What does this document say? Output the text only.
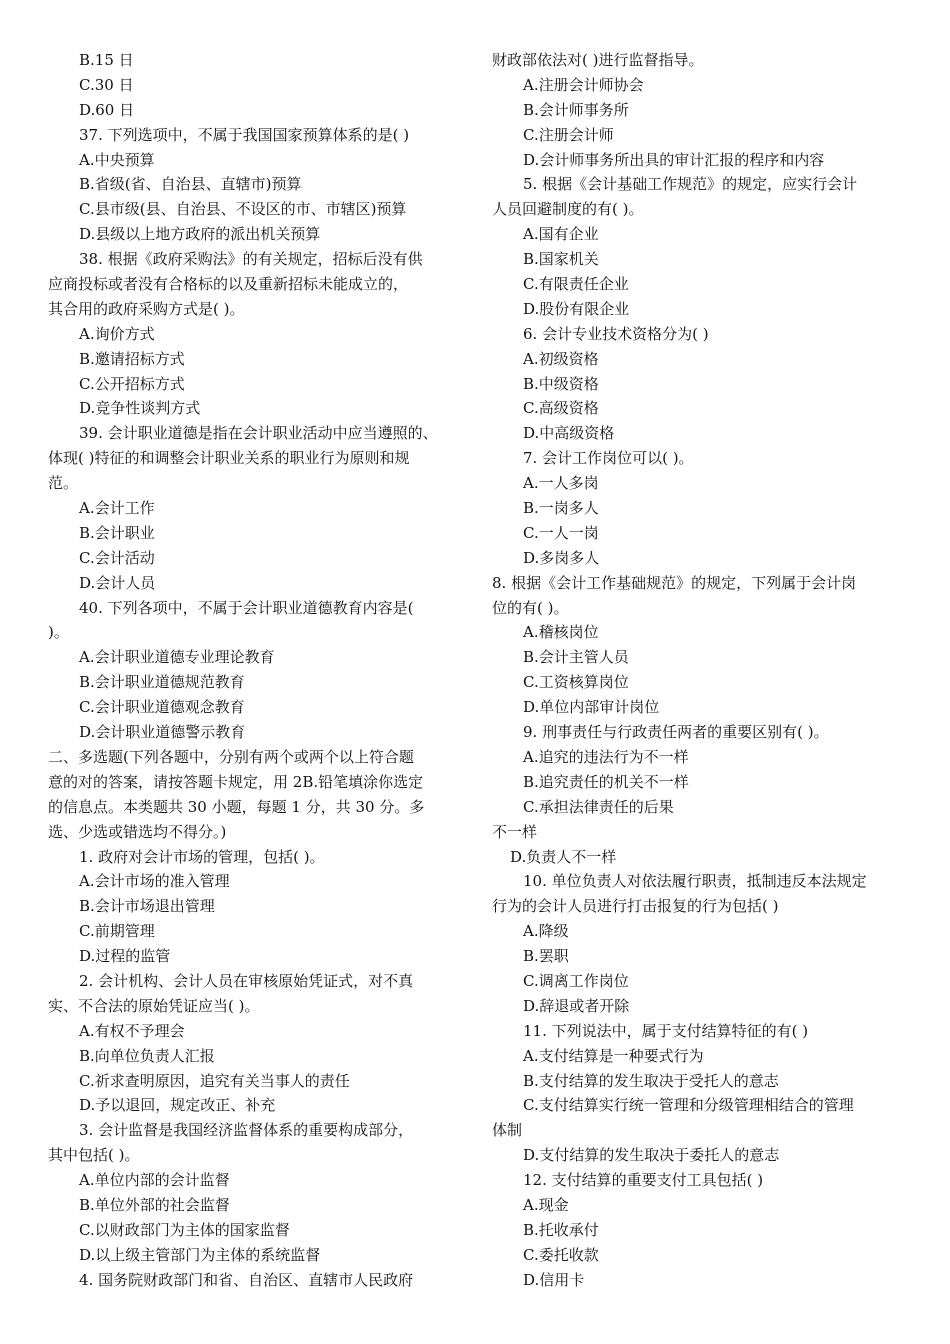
B.15 日
C.30 日
D.60 日
37. 下列选项中，不属于我国国家预算体系的是( )
A.中央预算
B.省级(省、自治县、直辖市)预算
C.县市级(县、自治县、不设区的市、市辖区)预算
D.县级以上地方政府的派出机关预算
38. 根据《政府采购法》的有关规定，招标后没有供
应商投标或者没有合格标的以及重新招标未能成立的，
其合用的政府采购方式是( )。
A.询价方式
B.邀请招标方式
C.公开招标方式
D.竞争性谈判方式
39. 会计职业道德是指在会计职业活动中应当遵照的、
体现( )特征的和调整会计职业关系的职业行为原则和规
范。
A.会计工作
B.会计职业
C.会计活动
D.会计人员
40. 下列各项中，不属于会计职业道德教育内容是(
)。
A.会计职业道德专业理论教育
B.会计职业道德规范教育
C.会计职业道德观念教育
D.会计职业道德警示教育
二、多选题(下列各题中，分别有两个或两个以上符合题
意的对的答案，请按答题卡规定，用 2B.铅笔填涂你选定
的信息点。本类题共 30 小题，每题 1 分，共 30 分。多
选、少选或错选均不得分。)
1. 政府对会计市场的管理，包括( )。
A.会计市场的准入管理
B.会计市场退出管理
C.前期管理
D.过程的监管
2. 会计机构、会计人员在审核原始凭证式，对不真
实、不合法的原始凭证应当( )。
A.有权不予理会
B.向单位负责人汇报
C.祈求查明原因，追究有关当事人的责任
D.予以退回，规定改正、补充
3. 会计监督是我国经济监督体系的重要构成部分，
其中包括( )。
A.单位内部的会计监督
B.单位外部的社会监督
C.以财政部门为主体的国家监督
D.以上级主管部门为主体的系统监督
4. 国务院财政部门和省、自治区、直辖市人民政府
财政部依法对( )进行监督指导。
A.注册会计师协会
B.会计师事务所
C.注册会计师
D.会计师事务所出具的审计汇报的程序和内容
5. 根据《会计基础工作规范》的规定，应实行会计
人员回避制度的有( )。
A.国有企业
B.国家机关
C.有限责任企业
D.股份有限企业
6. 会计专业技术资格分为( )
A.初级资格
B.中级资格
C.高级资格
D.中高级资格
7. 会计工作岗位可以( )。
A.一人多岗
B.一岗多人
C.一人一岗
D.多岗多人
8. 根据《会计工作基础规范》的规定，下列属于会计岗
位的有( )。
A.稽核岗位
B.会计主管人员
C.工资核算岗位
D.单位内部审计岗位
9. 刑事责任与行政责任两者的重要区别有( )。
A.追究的违法行为不一样
B.追究责任的机关不一样
C.承担法律责任的后果
不一样
D.负责人不一样
10. 单位负责人对依法履行职责，抵制违反本法规定
行为的会计人员进行打击报复的行为包括( )
A.降级
B.罢职
C.调离工作岗位
D.辞退或者开除
11. 下列说法中，属于支付结算特征的有( )
A.支付结算是一种要式行为
B.支付结算的发生取决于受托人的意志
C.支付结算实行统一管理和分级管理相结合的管理
体制
D.支付结算的发生取决于委托人的意志
12. 支付结算的重要支付工具包括( )
A.现金
B.托收承付
C.委托收款
D.信用卡
